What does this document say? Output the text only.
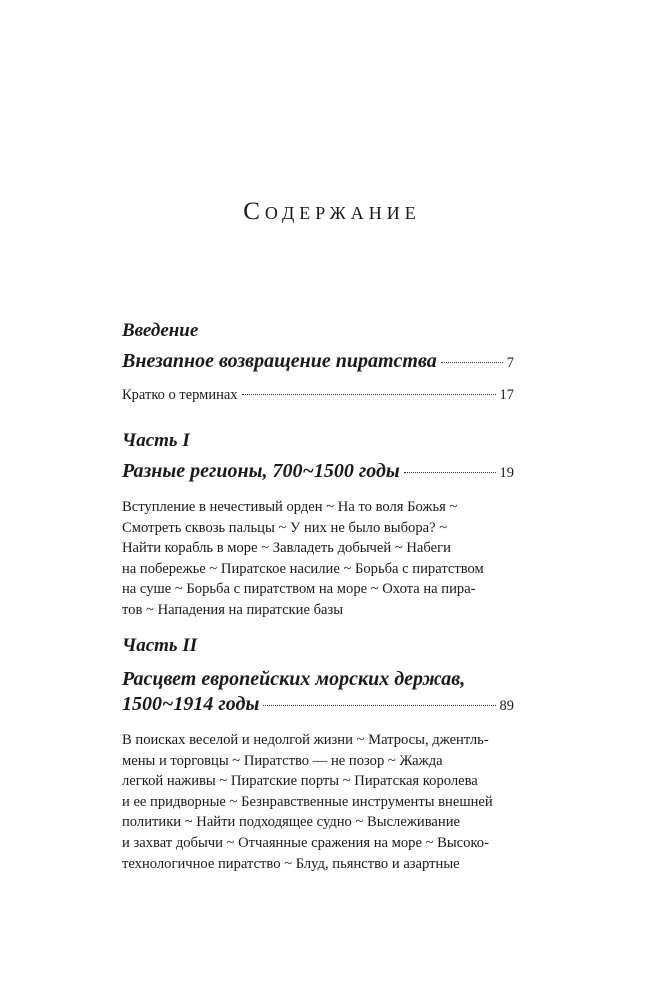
Содержание

Введение

Внезапное возвращение пиратства	7
Кратко о терминах	17

Часть I

Разные регионы, 700~1500 годы	19

Вступление в нечестивый орден ~ На то воля Божья ~
Смотреть сквозь пальцы ~ У них не было выбора? ~
Найти корабль в море ~ Завладеть добычей ~ Набеги
на побережье ~ Пиратское насилие ~ Борьба с пиратством
на суше ~ Борьба с пиратством на море ~ Охота на пира-
тов ~ Нападения на пиратские базы

Часть II

Расцвет европейских морских держав,
1500~1914 годы	89

В поисках веселой и недолгой жизни ~ Матросы, джентль-
мены и торговцы ~ Пиратство — не позор ~ Жажда
легкой наживы ~ Пиратские порты ~ Пиратская королева
и ее придворные ~ Безнравственные инструменты внешней
политики ~ Найти подходящее судно ~ Выслеживание
и захват добычи ~ Отчаянные сражения на море ~ Высоко-
технологичное пиратство ~ Блуд, пьянство и азартные
